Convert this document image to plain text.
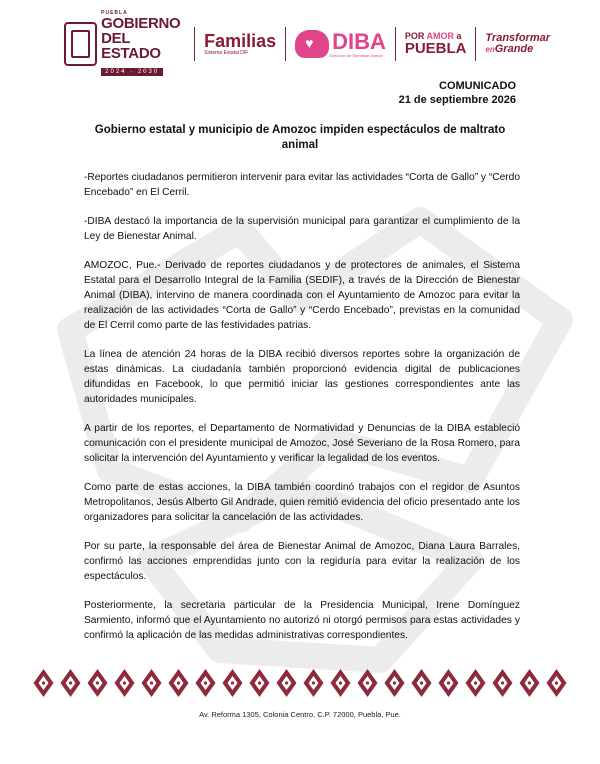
PUEBLA
GOBIERNO
DEL ESTADO
2024 · 2030
Familias
Sistema Estatal DIF
♥	DIBA
Dirección de Bienestar Animal
POR AMOR a
PUEBLA
Transformar
enGrande
COMUNICADO
21 de septiembre 2026
Gobierno estatal y municipio de Amozoc impiden espectáculos de maltrato animal

-Reportes ciudadanos permitieron intervenir para evitar las actividades “Corta de Gallo” y “Cerdo Encebado” en El Cerril.

-DIBA destacó la importancia de la supervisión municipal para garantizar el cumplimiento de la Ley de Bienestar Animal.

AMOZOC, Pue.- Derivado de reportes ciudadanos y de protectores de animales, el Sistema Estatal para el Desarrollo Integral de la Familia (SEDIF), a través de la Dirección de Bienestar Animal (DIBA), intervino de manera coordinada con el Ayuntamiento de Amozoc para evitar la realización de las actividades “Corta de Gallo” y “Cerdo Encebado”, previstas en la comunidad de El Cerril como parte de las festividades patrias.

La línea de atención 24 horas de la DIBA recibió diversos reportes sobre la organización de estas dinámicas. La ciudadanía también proporcionó evidencia digital de publicaciones difundidas en Facebook, lo que permitió iniciar las gestiones correspondientes ante las autoridades municipales.

A partir de los reportes, el Departamento de Normatividad y Denuncias de la DIBA estableció comunicación con el presidente municipal de Amozoc, José Severiano de la Rosa Romero, para solicitar la intervención del Ayuntamiento y verificar la legalidad de los eventos.

Como parte de estas acciones, la DIBA también coordinó trabajos con el regidor de Asuntos Metropolitanos, Jesús Alberto Gil Andrade, quien remitió evidencia del oficio presentado ante los organizadores para solicitar la cancelación de las actividades.

Por su parte, la responsable del área de Bienestar Animal de Amozoc, Diana Laura Barrales, confirmó las acciones emprendidas junto con la regiduría para evitar la realización de los espectáculos.

Posteriormente, la secretaria particular de la Presidencia Municipal, Irene Domínguez Sarmiento, informó que el Ayuntamiento no autorizó ni otorgó permisos para estas actividades y confirmó la aplicación de las medidas administrativas correspondientes.

Av. Reforma 1305, Colonia Centro, C.P. 72000, Puebla, Pue.
